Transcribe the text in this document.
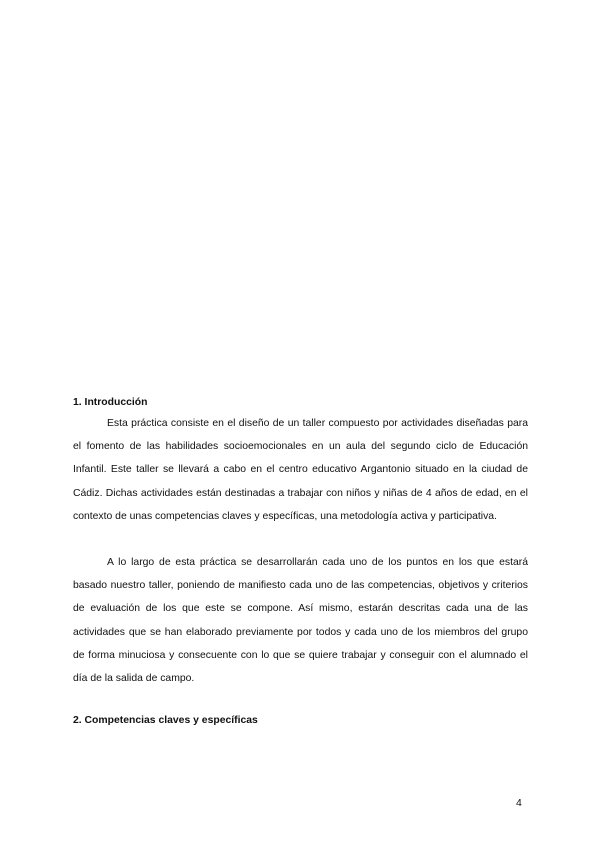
1. Introducción

Esta práctica consiste en el diseño de un taller compuesto por actividades diseñadas para el fomento de las habilidades socioemocionales en un aula del segundo ciclo de Educación Infantil. Este taller se llevará a cabo en el centro educativo Argantonio situado en la ciudad de Cádiz. Dichas actividades están destinadas a trabajar con niños y niñas de 4 años de edad, en el contexto de unas competencias claves y específicas, una metodología activa y participativa.

A lo largo de esta práctica se desarrollarán cada uno de los puntos en los que estará basado nuestro taller, poniendo de manifiesto cada uno de las competencias, objetivos y criterios de evaluación de los que este se compone. Así mismo, estarán descritas cada una de las actividades que se han elaborado previamente por todos y cada uno de los miembros del grupo de forma minuciosa y consecuente con lo que se quiere trabajar y conseguir con el alumnado el día de la salida de campo.

2. Competencias claves y específicas
4
